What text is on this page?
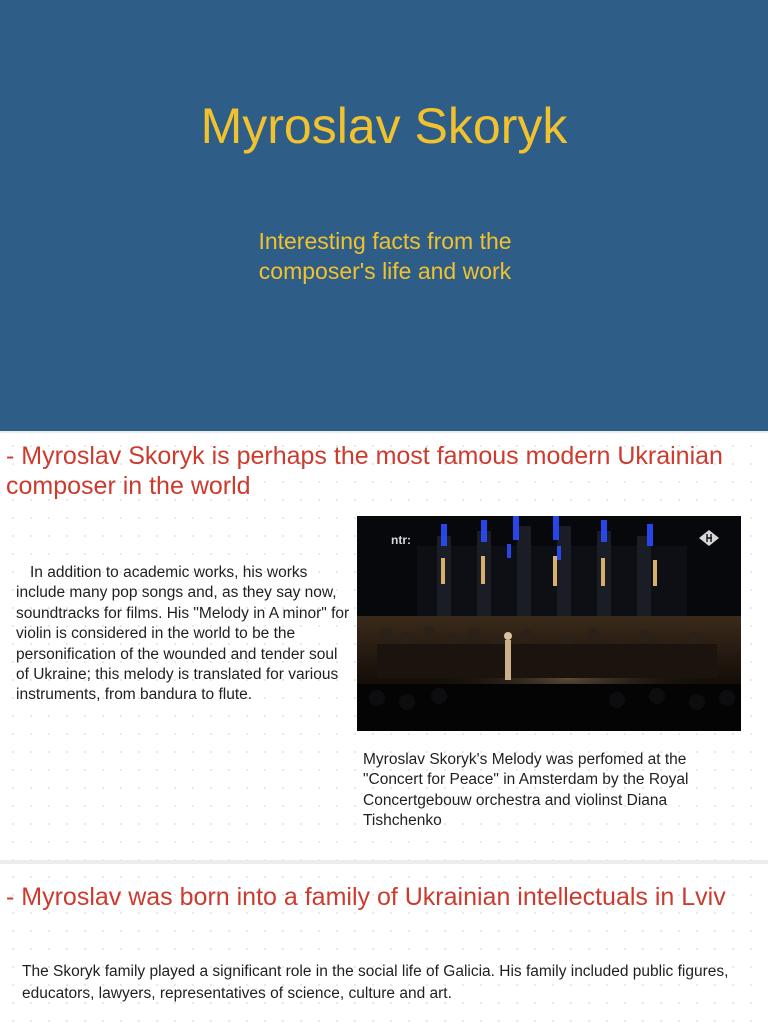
Myroslav Skoryk
Interesting facts from the
composer's life and work
- Myroslav Skoryk is perhaps the most famous modern Ukrainian composer in the world

In addition to academic works, his works include many pop songs and, as they say now, soundtracks for films. His "Melody in A minor" for violin is considered in the world to be the personification of the wounded and tender soul of Ukraine; this melody is translated for various instruments, from bandura to flute.

ntr:

Myroslav Skoryk's Melody was perfomed at the "Concert for Peace" in Amsterdam by the Royal Concertgebouw orchestra and violinst Diana Tishchenko

- Myroslav was born into a family of Ukrainian intellectuals in Lviv

The Skoryk family played a significant role in the social life of Galicia. His family included public figures, educators, lawyers, representatives of science, culture and art.
